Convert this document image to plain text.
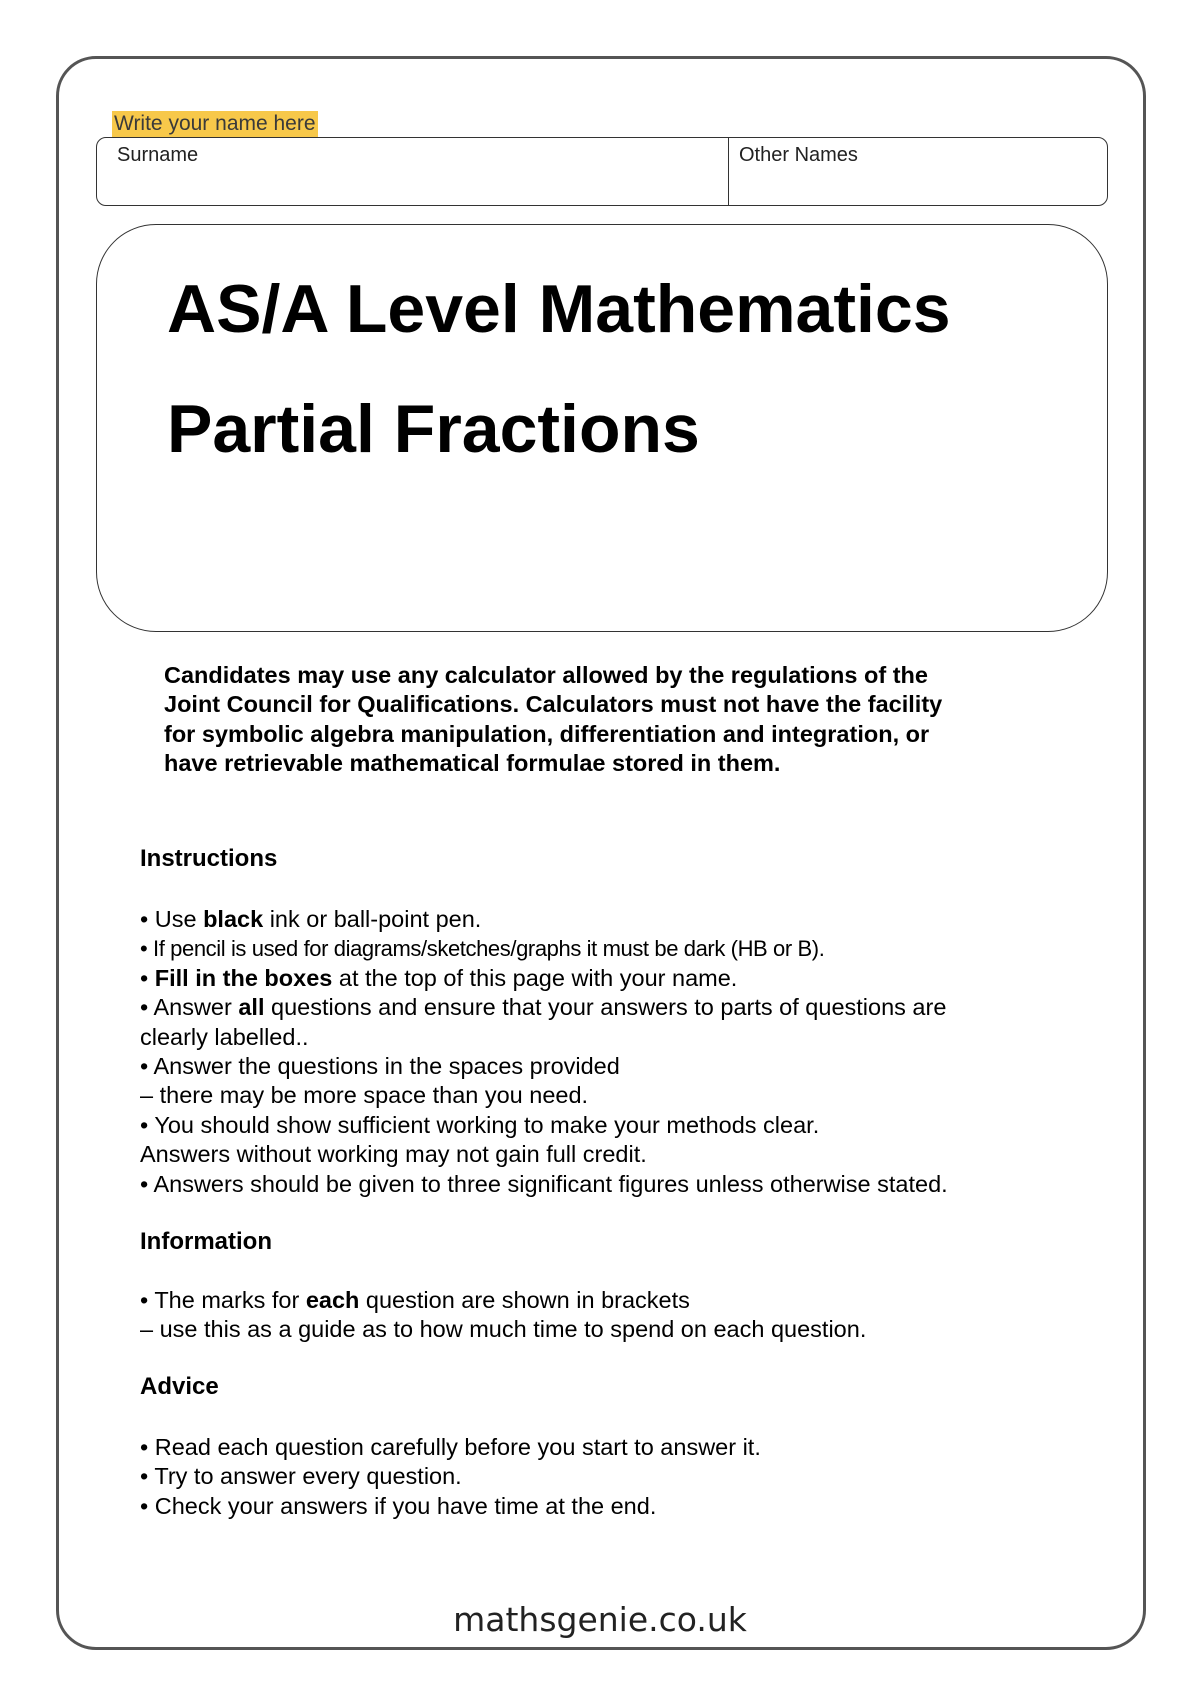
Write your name here
Surname	Other Names
AS/A Level Mathematics
Partial Fractions
Candidates may use any calculator allowed by the regulations of the
Joint Council for Qualifications. Calculators must not have the facility
for symbolic algebra manipulation, differentiation and integration, or
have retrievable mathematical formulae stored in them.
Instructions
• Use black ink or ball-point pen.
• If pencil is used for diagrams/sketches/graphs it must be dark (HB or B).
• Fill in the boxes at the top of this page with your name.
• Answer all questions and ensure that your answers to parts of questions are
clearly labelled..
• Answer the questions in the spaces provided
– there may be more space than you need.
• You should show sufficient working to make your methods clear.
Answers without working may not gain full credit.
• Answers should be given to three significant figures unless otherwise stated.
Information
• The marks for each question are shown in brackets
– use this as a guide as to how much time to spend on each question.
Advice
• Read each question carefully before you start to answer it.
• Try to answer every question.
• Check your answers if you have time at the end.
mathsgenie.co.uk
